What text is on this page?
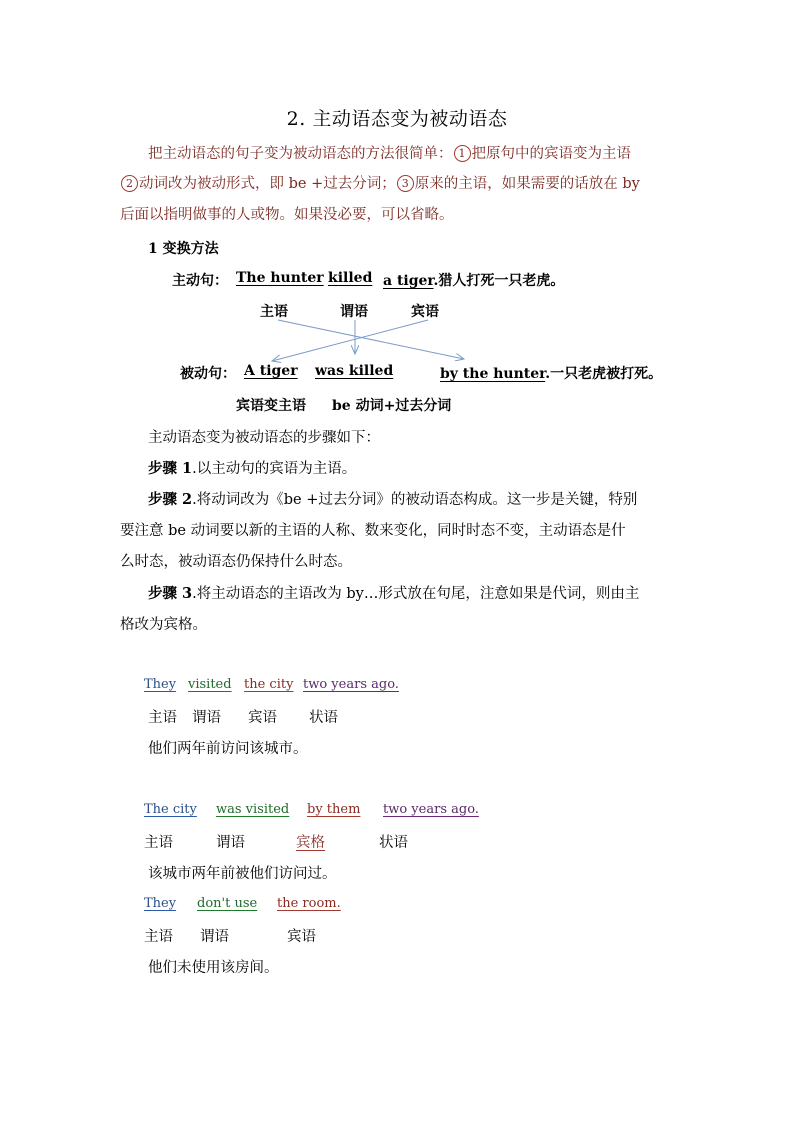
2. 主动语态变为被动语态
把主动语态的句子变为被动语态的方法很简单： 1 把原句中的宾语变为主语
2 动词改为被动形式，即 be +过去分词； 3 原来的主语，如果需要的话放在 by
后面以指明做事的人或物。如果没必要，可以省略。
1 变换方法
主动句： The hunter killed a tiger.猎人打死一只老虎。
主语	谓语	宾语
被动句： A tiger was killed	by the hunter.一只老虎被打死。
宾语变主语 be 动词+过去分词
主动语态变为被动语态的步骤如下：
步骤 1.以主动句的宾语为主语。
步骤 2.将动词改为《be +过去分词》的被动语态构成。这一步是关键，特别
要注意 be 动词要以新的主语的人称、数来变化，同时时态不变，主动语态是什
么时态，被动语态仍保持什么时态。
步骤 3.将主动语态的主语改为 by…形式放在句尾，注意如果是代词，则由主
格改为宾格。
They visited the city two years ago.
主语 谓语 宾语 状语
他们两年前访问该城市。
The city was visited by them two years ago.
主语	谓语	宾格	状语
该城市两年前被他们访问过。
They don't use the room.
主语 谓语	宾语
他们未使用该房间。
